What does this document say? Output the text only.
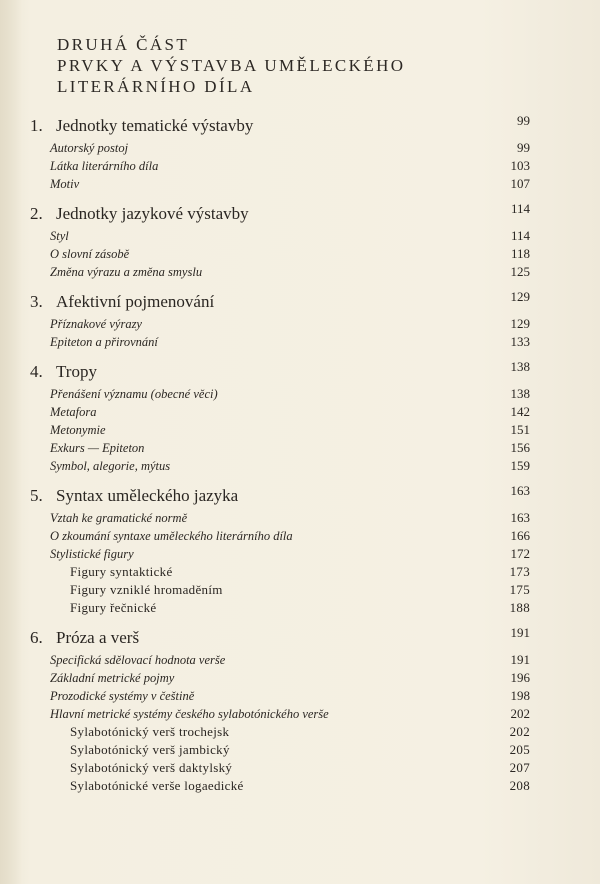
DRUHÁ ČÁST
PRVKY A VÝSTAVBA UMĚLECKÉHO
LITERÁRNÍHO DÍLA
1. Jednotky tematické výstavby	99
Autorský postoj	99
Látka literárního díla	103
Motiv	107
2. Jednotky jazykové výstavby	114
Styl	114
O slovní zásobě	118
Změna výrazu a změna smyslu	125
3. Afektivní pojmenování	129
Příznakové výrazy	129
Epiteton a přirovnání	133
4. Tropy	138
Přenášení významu (obecné věci)	138
Metafora	142
Metonymie	151
Exkurs — Epiteton	156
Symbol, alegorie, mýtus	159
5. Syntax uměleckého jazyka	163
Vztah ke gramatické normě	163
O zkoumání syntaxe uměleckého literárního díla	166
Stylistické figury	172
Figury syntaktické	173
Figury vzniklé hromaděním	175
Figury řečnické	188
6. Próza a verš	191
Specifická sdělovací hodnota verše	191
Základní metrické pojmy	196
Prozodické systémy v češtině	198
Hlavní metrické systémy českého sylabotónického verše	202
Sylabotónický verš trochejsk	202
Sylabotónický verš jambický	205
Sylabotónický verš daktylský	207
Sylabotónické verše logaedické	208
